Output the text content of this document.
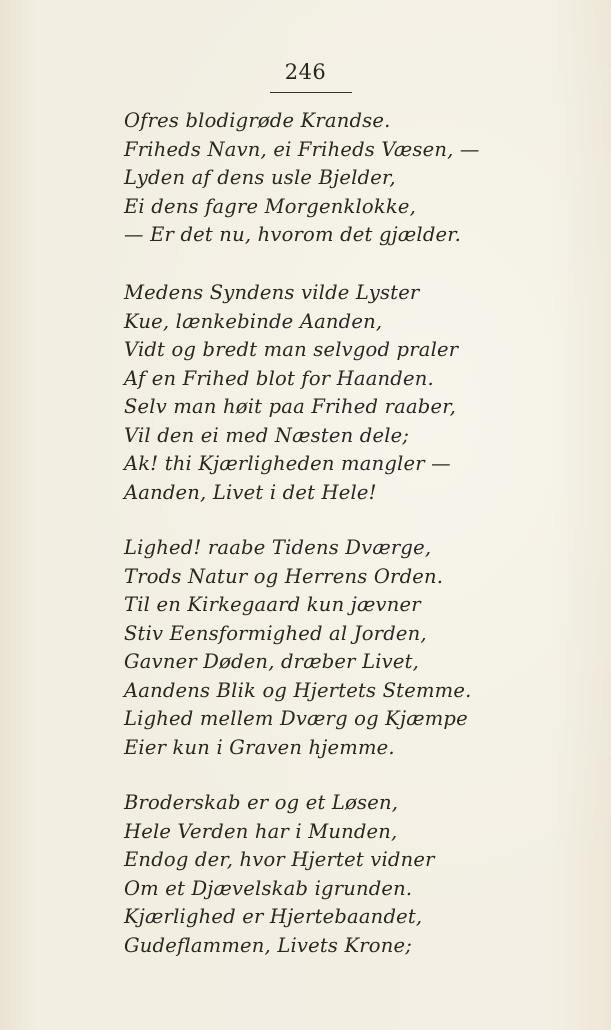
246
Ofres blodigrøde Krandse.
Friheds Navn, ei Friheds Væsen, —
Lyden af dens usle Bjelder,
Ei dens fagre Morgenklokke,
— Er det nu, hvorom det gjælder.
Medens Syndens vilde Lyster
Kue, lænkebinde Aanden,
Vidt og bredt man selvgod praler
Af en Frihed blot for Haanden.
Selv man høit paa Frihed raaber,
Vil den ei med Næsten dele;
Ak! thi Kjærligheden mangler —
Aanden, Livet i det Hele!
Lighed! raabe Tidens Dværge,
Trods Natur og Herrens Orden.
Til en Kirkegaard kun jævner
Stiv Eensformighed al Jorden,
Gavner Døden, dræber Livet,
Aandens Blik og Hjertets Stemme.
Lighed mellem Dværg og Kjæmpe
Eier kun i Graven hjemme.
Broderskab er og et Løsen,
Hele Verden har i Munden,
Endog der, hvor Hjertet vidner
Om et Djævelskab igrunden.
Kjærlighed er Hjertebaandet,
Gudeflammen, Livets Krone;
